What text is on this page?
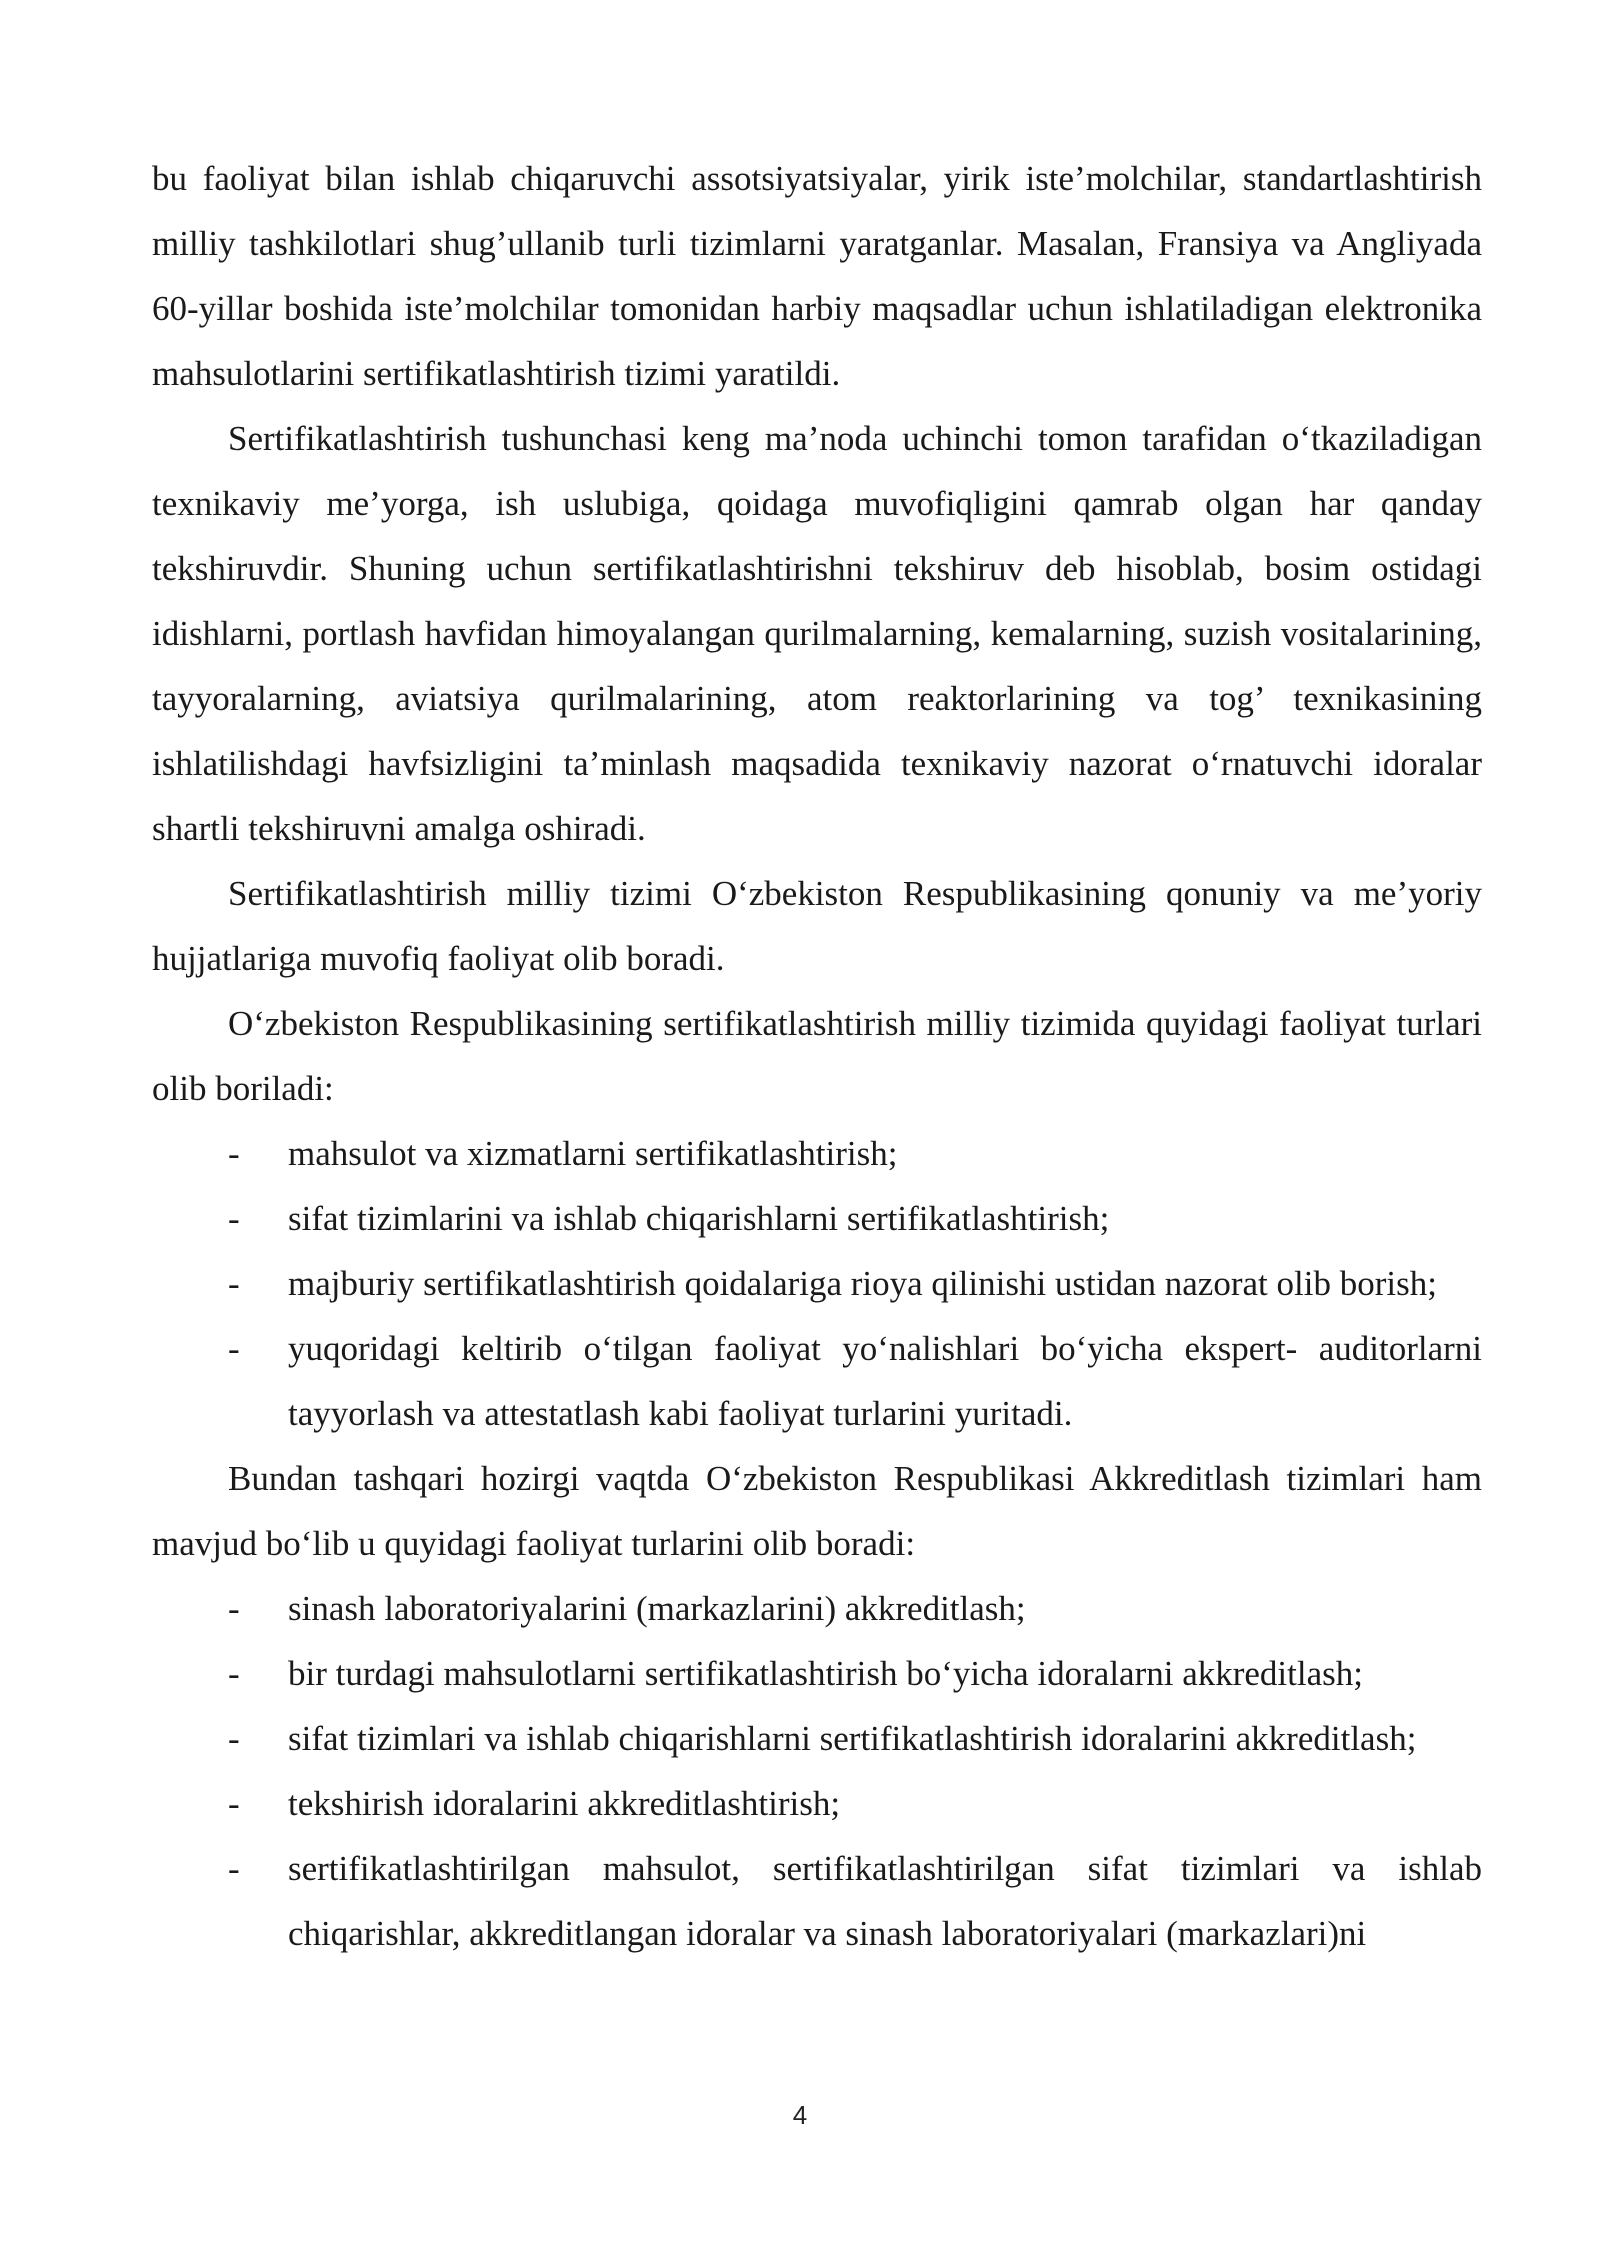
bu faoliyat bilan ishlab chiqaruvchi assotsiyatsiyalar, yirik iste’molchilar, standartlashtirish milliy tashkilotlari shug’ullanib turli tizimlarni yaratganlar. Masalan, Fransiya va Angliyada 60-yillar boshida iste’molchilar tomonidan harbiy maqsadlar uchun ishlatiladigan elektronika mahsulotlarini sertifikatlashtirish tizimi yaratildi.

Sertifikatlashtirish tushunchasi keng ma’noda uchinchi tomon tarafidan o‘tkaziladigan texnikaviy me’yorga, ish uslubiga, qoidaga muvofiqligini qamrab olgan har qanday tekshiruvdir. Shuning uchun sertifikatlashtirishni tekshiruv deb hisoblab, bosim ostidagi idishlarni, portlash havfidan himoyalangan qurilmalarning, kemalarning, suzish vositalarining, tayyoralarning, aviatsiya qurilmalarining, atom reaktorlarining va tog’ texnikasining ishlatilishdagi havfsizligini ta’minlash maqsadida texnikaviy nazorat o‘rnatuvchi idoralar shartli tekshiruvni amalga oshiradi.

Sertifikatlashtirish milliy tizimi O‘zbekiston Respublikasining qonuniy va me’yoriy hujjatlariga muvofiq faoliyat olib boradi.

O‘zbekiston Respublikasining sertifikatlashtirish milliy tizimida quyidagi faoliyat turlari olib boriladi:

- mahsulot va xizmatlarni sertifikatlashtirish;
- sifat tizimlarini va ishlab chiqarishlarni sertifikatlashtirish;
- majburiy sertifikatlashtirish qoidalariga rioya qilinishi ustidan nazorat olib borish;
- yuqoridagi keltirib o‘tilgan faoliyat yo‘nalishlari bo‘yicha ekspert- auditorlarni tayyorlash va attestatlash kabi faoliyat turlarini yuritadi.

Bundan tashqari hozirgi vaqtda O‘zbekiston Respublikasi Akkreditlash tizimlari ham mavjud bo‘lib u quyidagi faoliyat turlarini olib boradi:

- sinash laboratoriyalarini (markazlarini) akkreditlash;
- bir turdagi mahsulotlarni sertifikatlashtirish bo‘yicha idoralarni akkreditlash;
- sifat tizimlari va ishlab chiqarishlarni sertifikatlashtirish idoralarini akkreditlash;
- tekshirish idoralarini akkreditlashtirish;
- sertifikatlashtirilgan mahsulot, sertifikatlashtirilgan sifat tizimlari va ishlab chiqarishlar, akkreditlangan idoralar va sinash laboratoriyalari (markazlari)ni
4
